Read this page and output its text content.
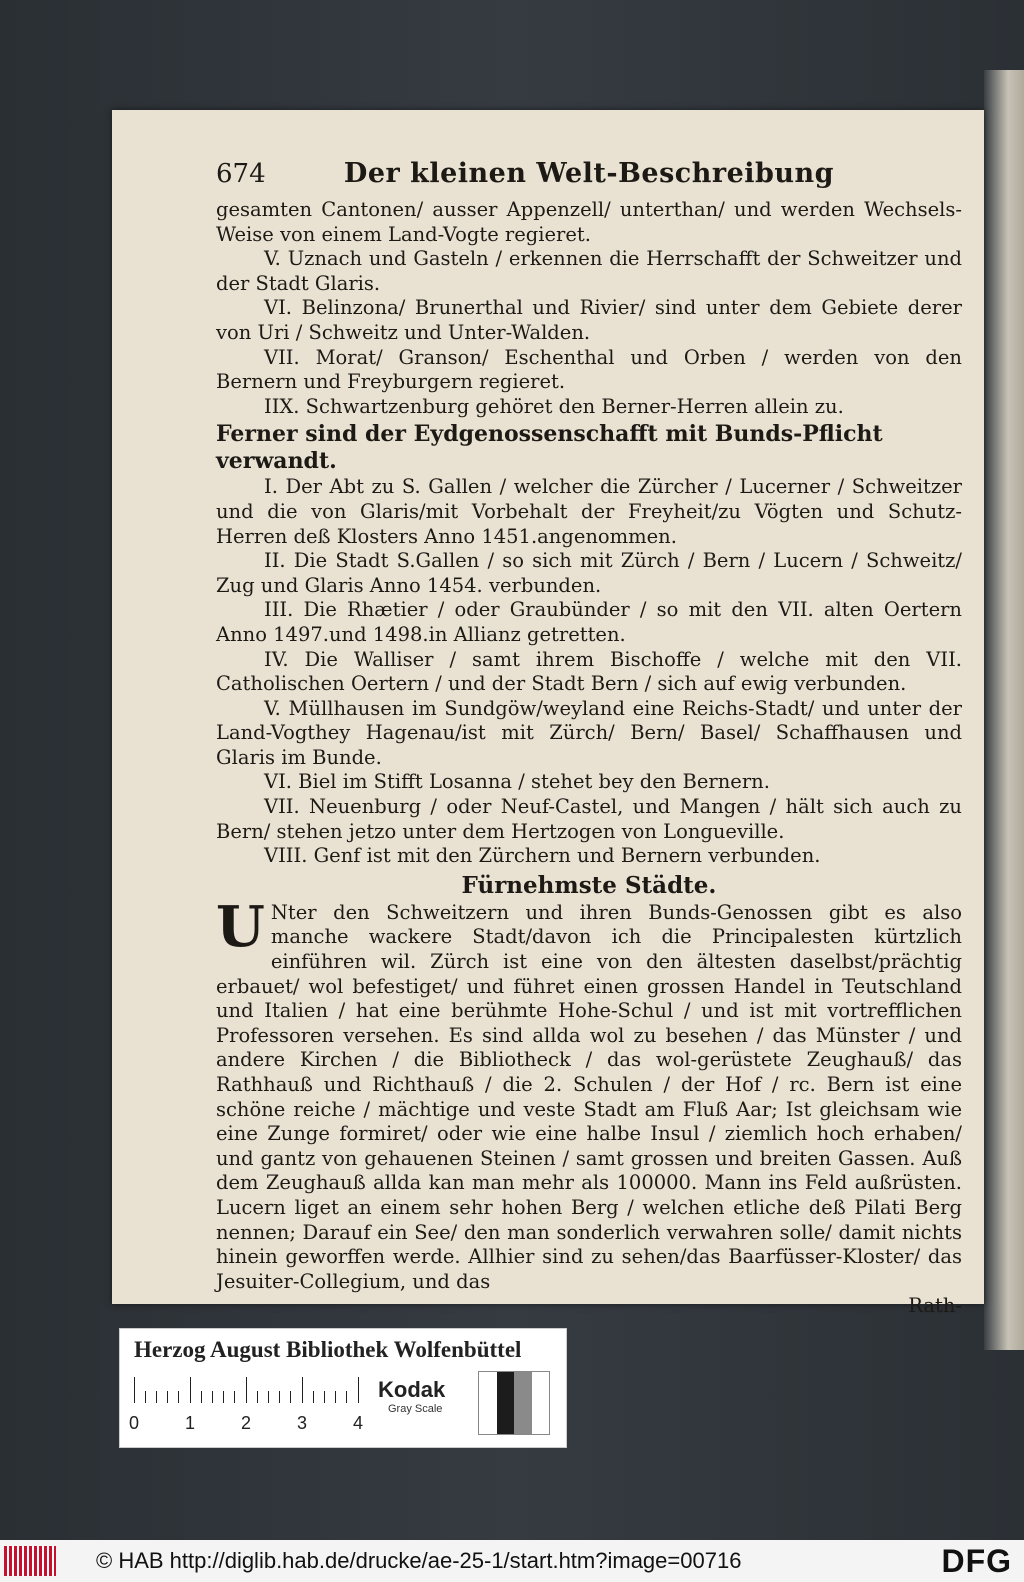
674	Der kleinen Welt-Beschreibung

gesamten Cantonen/ ausser Appenzell/ unterthan/ und werden Wechsels-Weise von einem Land-Vogte regieret.

V. Uznach und Gasteln / erkennen die Herrschafft der Schweitzer und der Stadt Glaris.

VI. Belinzona/ Brunerthal und Rivier/ sind unter dem Gebiete derer von Uri / Schweitz und Unter-Walden.

VII. Morat/ Granson/ Eschenthal und Orben / werden von den Bernern und Freyburgern regieret.

IIX. Schwartzenburg gehöret den Berner-Herren allein zu.

Ferner sind der Eydgenossenschafft mit Bunds-Pflicht verwandt.

I. Der Abt zu S. Gallen / welcher die Zürcher / Lucerner / Schweitzer und die von Glaris/mit Vorbehalt der Freyheit/zu Vögten und Schutz-Herren deß Klosters Anno 1451.angenommen.

II. Die Stadt S.Gallen / so sich mit Zürch / Bern / Lucern / Schweitz/ Zug und Glaris Anno 1454. verbunden.

III. Die Rhætier / oder Graubünder / so mit den VII. alten Oertern Anno 1497.und 1498.in Allianz getretten.

IV. Die Walliser / samt ihrem Bischoffe / welche mit den VII. Catholischen Oertern / und der Stadt Bern / sich auf ewig verbunden.

V. Müllhausen im Sundgöw/weyland eine Reichs-Stadt/ und unter der Land-Vogthey Hagenau/ist mit Zürch/ Bern/ Basel/ Schaffhausen und Glaris im Bunde.

VI. Biel im Stifft Losanna / stehet bey den Bernern.

VII. Neuenburg / oder Neuf-Castel, und Mangen / hält sich auch zu Bern/ stehen jetzo unter dem Hertzogen von Longueville.

VIII. Genf ist mit den Zürchern und Bernern verbunden.

Fürnehmste Städte.

U Nter den Schweitzern und ihren Bunds-Genossen gibt es also manche wackere Stadt/davon ich die Principalesten kürtzlich einführen wil. Zürch ist eine von den ältesten daselbst/prächtig erbauet/ wol befestiget/ und führet einen grossen Handel in Teutschland und Italien / hat eine berühmte Hohe-Schul / und ist mit vortrefflichen Professoren versehen. Es sind allda wol zu besehen / das Münster / und andere Kirchen / die Bibliotheck / das wol-gerüstete Zeughauß/ das Rathhauß und Richthauß / die 2. Schulen / der Hof / rc. Bern ist eine schöne reiche / mächtige und veste Stadt am Fluß Aar; Ist gleichsam wie eine Zunge formiret/ oder wie eine halbe Insul / ziemlich hoch erhaben/ und gantz von gehauenen Steinen / samt grossen und breiten Gassen. Auß dem Zeughauß allda kan man mehr als 100000. Mann ins Feld außrüsten. Lucern liget an einem sehr hohen Berg / welchen etliche deß Pilati Berg nennen; Darauf ein See/ den man sonderlich verwahren solle/ damit nichts hinein geworffen werde. Allhier sind zu sehen/das Baarfüsser-Kloster/ das Jesuiter-Collegium, und das

Rath-

Herzog August Bibliothek Wolfenbüttel
0	1	2	3	4
Kodak
Gray Scale
© HAB http://diglib.hab.de/drucke/ae-25-1/start.htm?image=00716	DFG
